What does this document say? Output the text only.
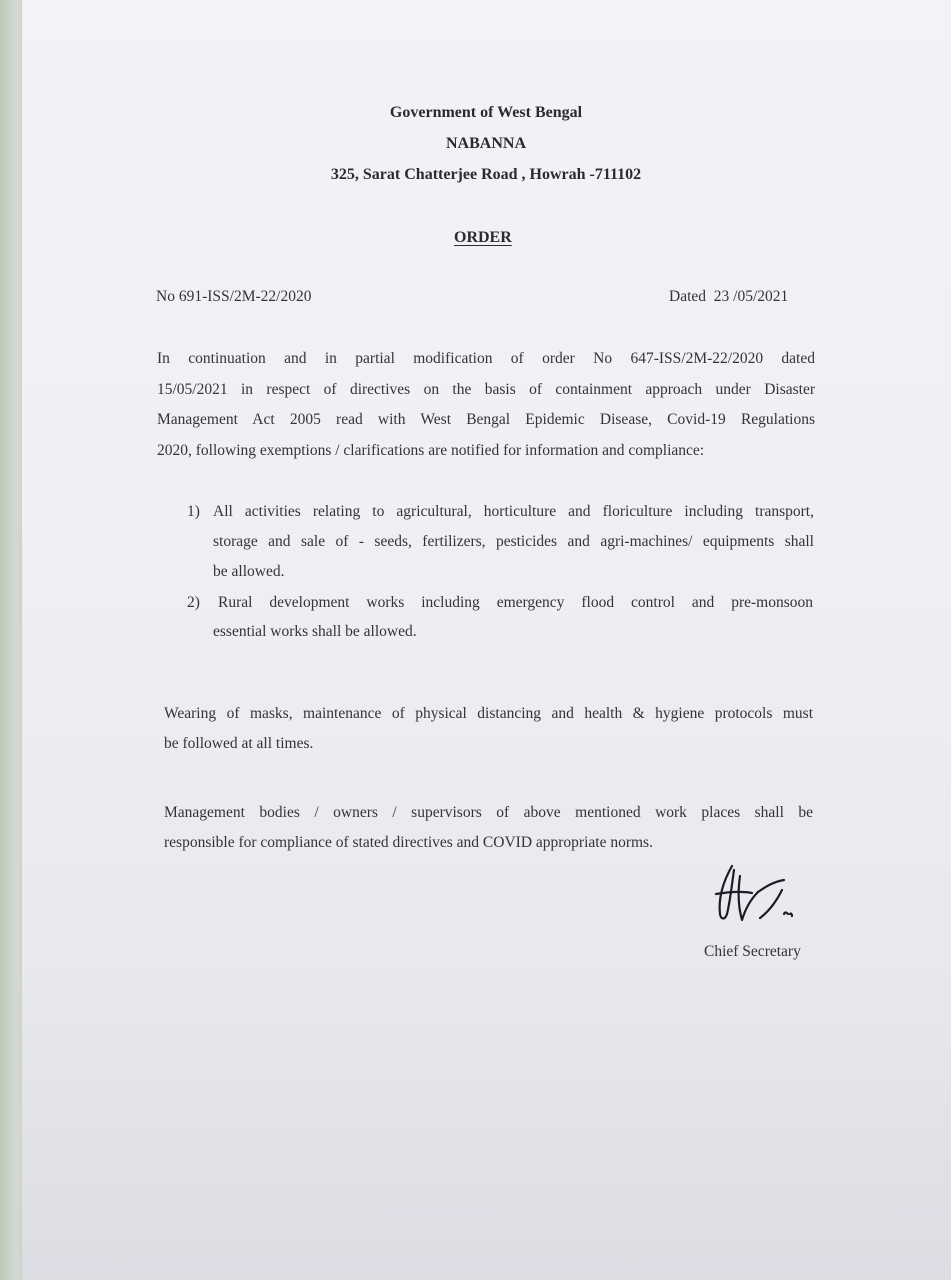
Government of West Bengal
NABANNA
325, Sarat Chatterjee Road , Howrah -711102
ORDER
No 691-ISS/2M-22/2020	Dated  23 /05/2021
In continuation and in partial modification of order No 647-ISS/2M-22/2020 dated
15/05/2021 in respect of directives on the basis of containment approach under Disaster
Management Act 2005 read with West Bengal Epidemic Disease, Covid-19 Regulations
2020, following exemptions / clarifications are notified for information and compliance:
1) All activities relating to agricultural, horticulture and floriculture including transport,
storage and sale of - seeds, fertilizers, pesticides and agri-machines/ equipments shall
be allowed.
2) Rural development works including emergency flood control and pre-monsoon
essential works shall be allowed.
Wearing of masks, maintenance of physical distancing and health & hygiene protocols must
be followed at all times.
Management bodies / owners / supervisors of above mentioned work places shall be
responsible for compliance of stated directives and COVID appropriate norms.
Chief Secretary
